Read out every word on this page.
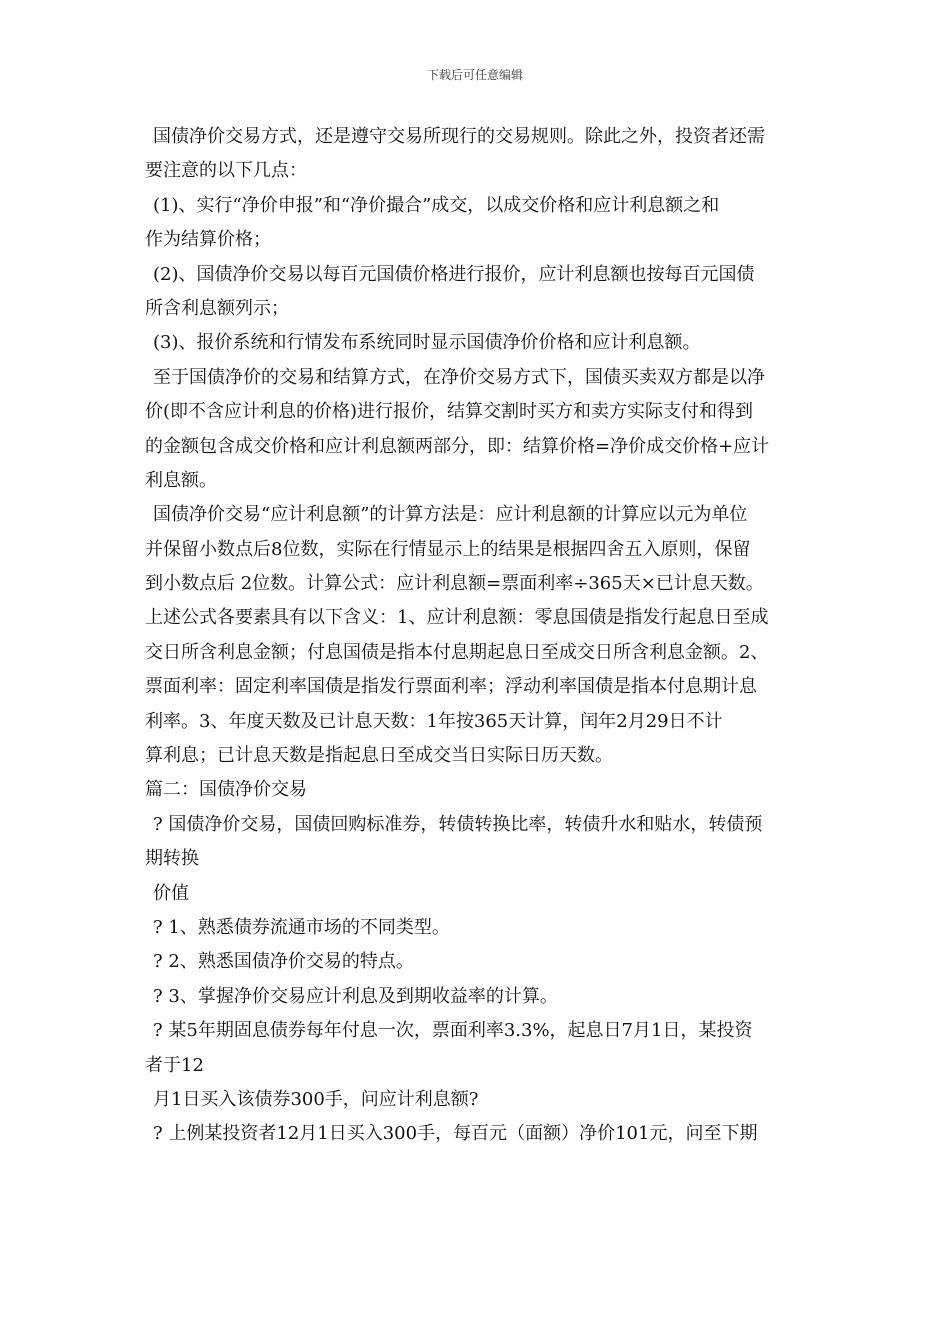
下载后可任意编辑
国债净价交易方式，还是遵守交易所现行的交易规则。除此之外，投资者还需
要注意的以下几点：
(1)、实行“净价申报”和“净价撮合”成交，以成交价格和应计利息额之和
作为结算价格；
(2)、国债净价交易以每百元国债价格进行报价，应计利息额也按每百元国债
所含利息额列示；
(3)、报价系统和行情发布系统同时显示国债净价价格和应计利息额。
至于国债净价的交易和结算方式，在净价交易方式下，国债买卖双方都是以净
价(即不含应计利息的价格)进行报价，结算交割时买方和卖方实际支付和得到
的金额包含成交价格和应计利息额两部分，即：结算价格=净价成交价格+应计
利息额。
国债净价交易“应计利息额”的计算方法是：应计利息额的计算应以元为单位
并保留小数点后8位数，实际在行情显示上的结果是根据四舍五入原则，保留
到小数点后 2位数。计算公式：应计利息额=票面利率÷365天×已计息天数。
上述公式各要素具有以下含义：1、应计利息额：零息国债是指发行起息日至成
交日所含利息金额；付息国债是指本付息期起息日至成交日所含利息金额。2、
票面利率：固定利率国债是指发行票面利率；浮动利率国债是指本付息期计息
利率。3、年度天数及已计息天数：1年按365天计算，闰年2月29日不计
算利息；已计息天数是指起息日至成交当日实际日历天数。
篇二：国债净价交易
? 国债净价交易，国债回购标准券，转债转换比率，转债升水和贴水，转债预
期转换
价值
? 1、熟悉债券流通市场的不同类型。
? 2、熟悉国债净价交易的特点。
? 3、掌握净价交易应计利息及到期收益率的计算。
? 某5年期固息债券每年付息一次，票面利率3.3%，起息日7月1日，某投资
者于12
月1日买入该债券300手，问应计利息额?
? 上例某投资者12月1日买入300手，每百元（面额）净价101元，问至下期
